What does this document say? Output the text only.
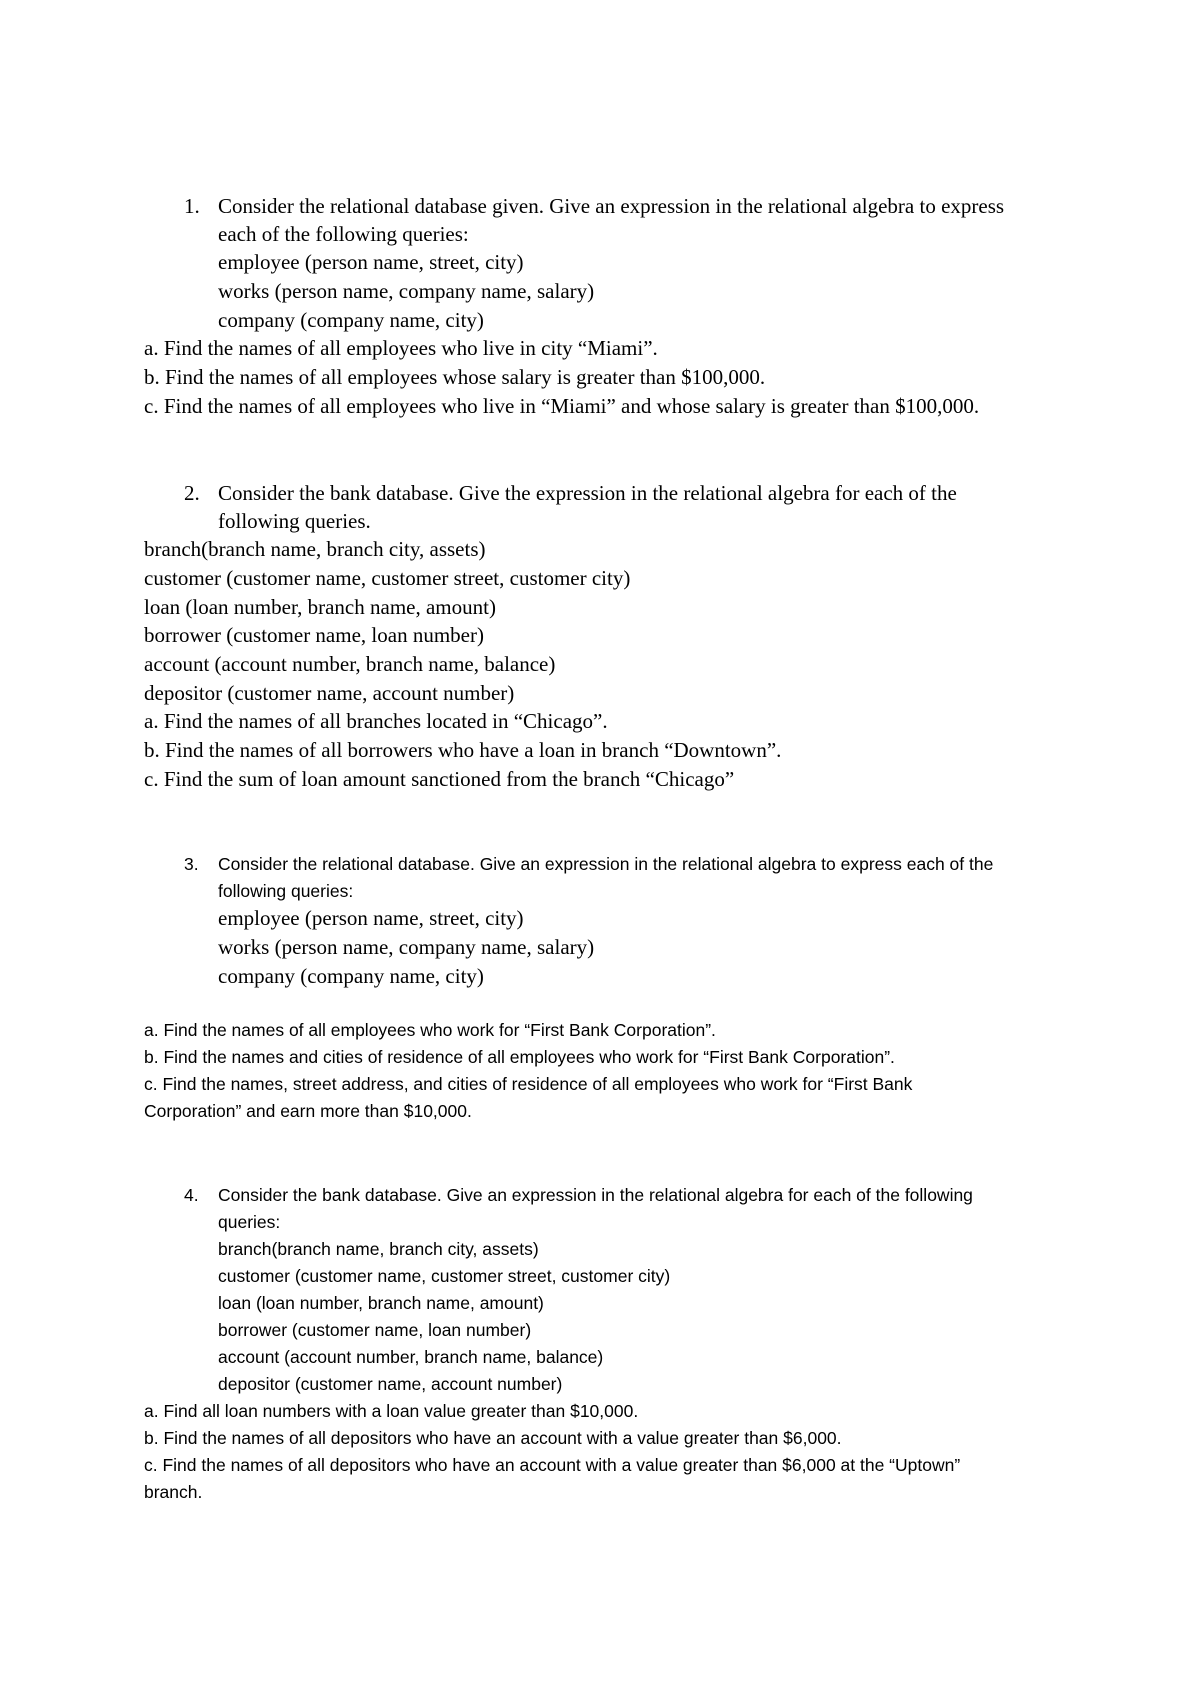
1. Consider the relational database given. Give an expression in the relational algebra to express

each of the following queries:

employee (person name, street, city)

works (person name, company name, salary)

company (company name, city)

a. Find the names of all employees who live in city “Miami”.

b. Find the names of all employees whose salary is greater than $100,000.

c. Find the names of all employees who live in “Miami” and whose salary is greater than $100,000.

2. Consider the bank database. Give the expression in the relational algebra for each of the

following queries.

branch(branch name, branch city, assets)

customer (customer name, customer street, customer city)

loan (loan number, branch name, amount)

borrower (customer name, loan number)

account (account number, branch name, balance)

depositor (customer name, account number)

a. Find the names of all branches located in “Chicago”.

b. Find the names of all borrowers who have a loan in branch “Downtown”.

c. Find the sum of loan amount sanctioned from the branch “Chicago”

3. Consider the relational database. Give an expression in the relational algebra to express each of the

following queries:

employee (person name, street, city)

works (person name, company name, salary)

company (company name, city)

a. Find the names of all employees who work for “First Bank Corporation”.

b. Find the names and cities of residence of all employees who work for “First Bank Corporation”.

c. Find the names, street address, and cities of residence of all employees who work for “First Bank

Corporation” and earn more than $10,000.

4. Consider the bank database. Give an expression in the relational algebra for each of the following

queries:

branch(branch name, branch city, assets)

customer (customer name, customer street, customer city)

loan (loan number, branch name, amount)

borrower (customer name, loan number)

account (account number, branch name, balance)

depositor (customer name, account number)

a. Find all loan numbers with a loan value greater than $10,000.

b. Find the names of all depositors who have an account with a value greater than $6,000.

c. Find the names of all depositors who have an account with a value greater than $6,000 at the “Uptown”

branch.
